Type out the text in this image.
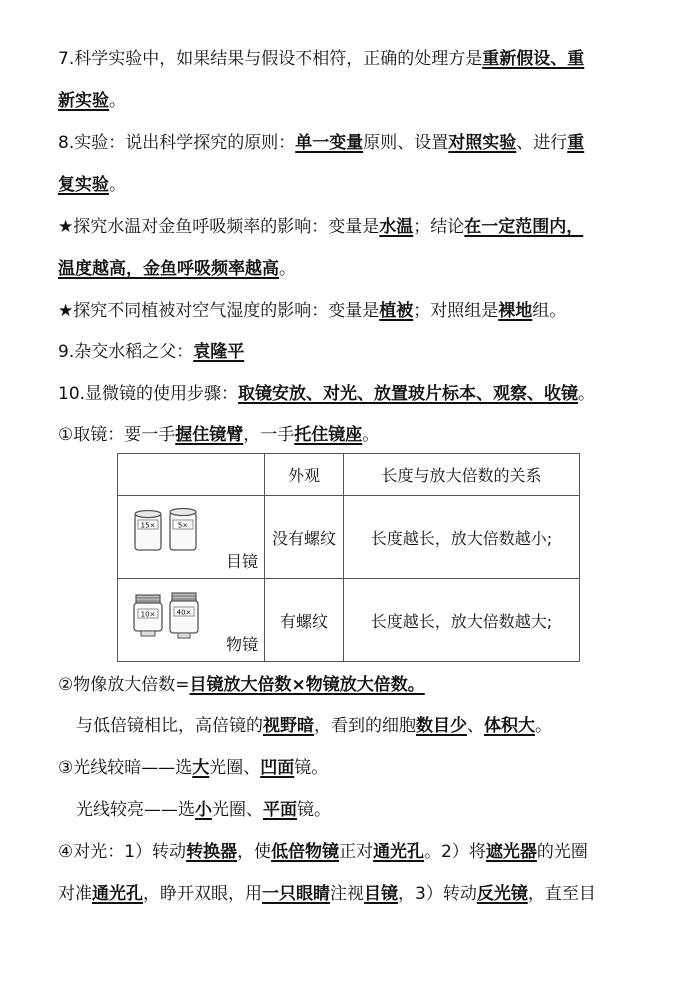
7.科学实验中，如果结果与假设不相符，正确的处理方是重新假设、重
新实验。
8.实验：说出科学探究的原则：单一变量原则、设置对照实验、进行重
复实验。
★探究水温对金鱼呼吸频率的影响：变量是水温；结论在一定范围内，
温度越高，金鱼呼吸频率越高。
★探究不同植被对空气湿度的影响：变量是植被；对照组是裸地组。
9.杂交水稻之父：袁隆平
10.显微镜的使用步骤：取镜安放、对光、放置玻片标本、观察、收镜。
①取镜：要一手握住镜臂，一手托住镜座。
	外观	长度与放大倍数的关系

15× 5×
目镜	没有螺纹	长度越长，放大倍数越小;

10× 40×
物镜	有螺纹	长度越长，放大倍数越大;
②物像放大倍数=目镜放大倍数×物镜放大倍数。
与低倍镜相比，高倍镜的视野暗，看到的细胞数目少、体积大。
③光线较暗——选大光圈、凹面镜。
光线较亮——选小光圈、平面镜。
④对光：1）转动转换器，使低倍物镜正对通光孔。2）将遮光器的光圈
对准通光孔，睁开双眼，用一只眼睛注视目镜，3）转动反光镜，直至目
